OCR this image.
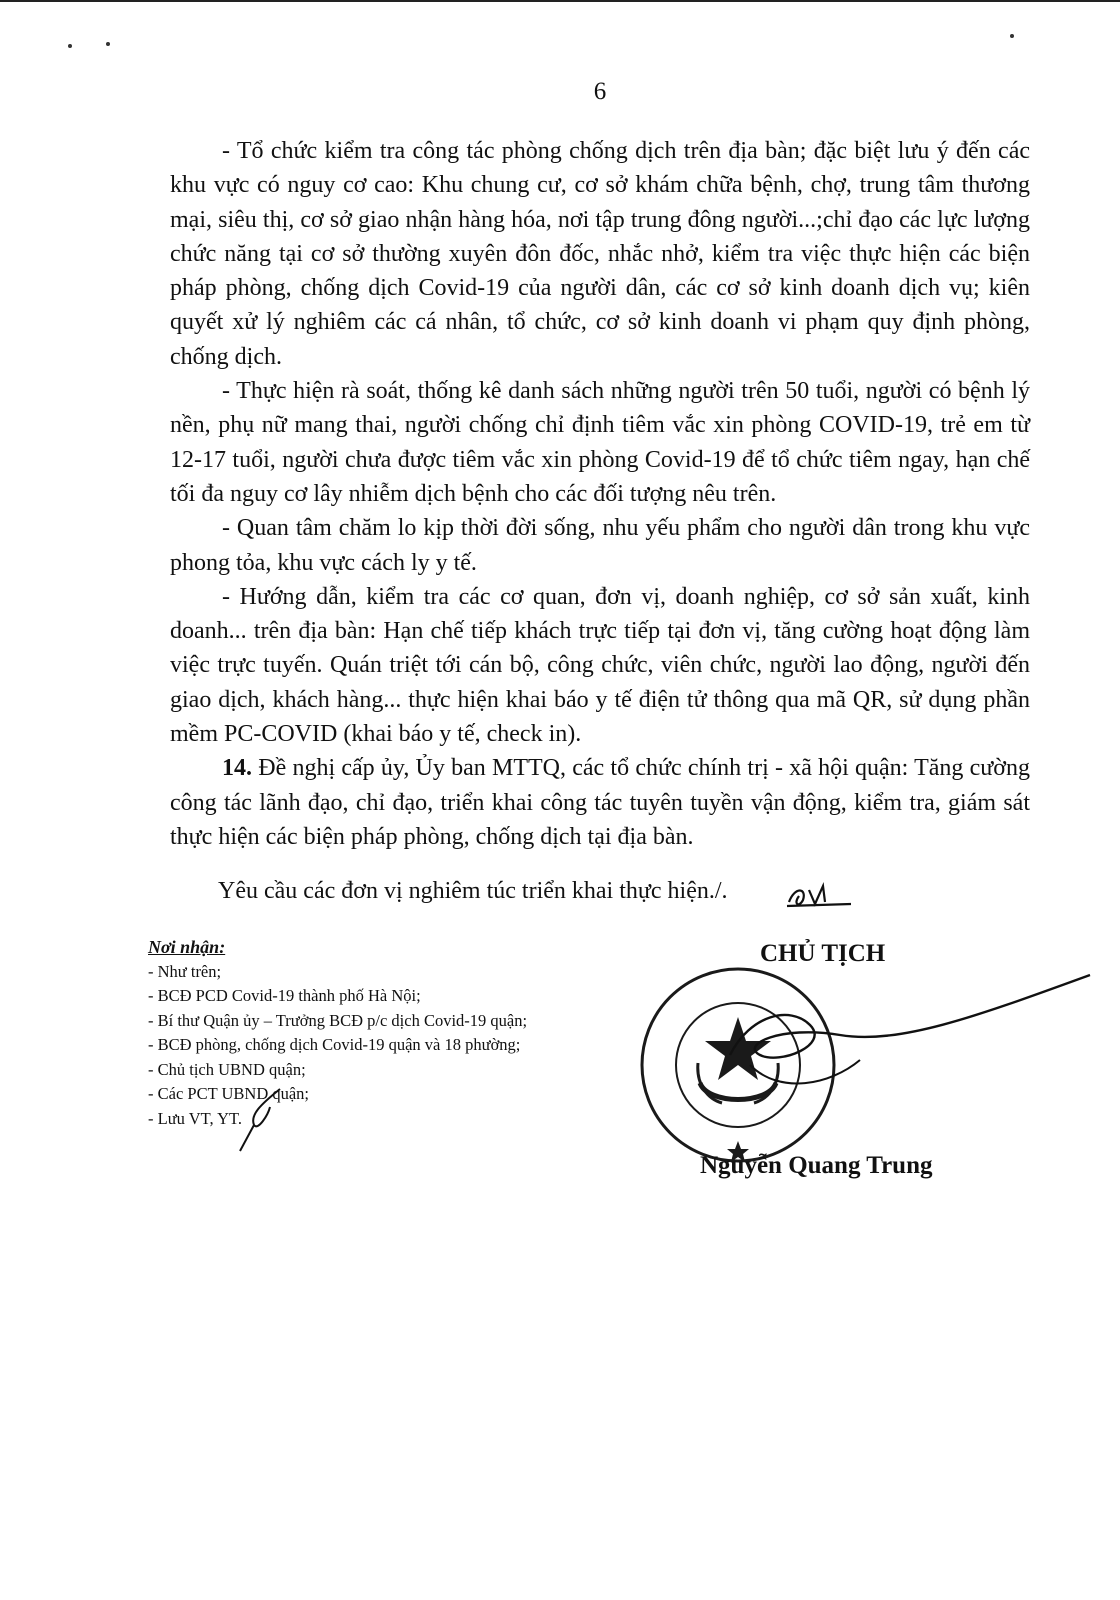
6

- Tổ chức kiểm tra công tác phòng chống dịch trên địa bàn; đặc biệt lưu ý đến các khu vực có nguy cơ cao: Khu chung cư, cơ sở khám chữa bệnh, chợ, trung tâm thương mại, siêu thị, cơ sở giao nhận hàng hóa, nơi tập trung đông người...;chỉ đạo các lực lượng chức năng tại cơ sở thường xuyên đôn đốc, nhắc nhở, kiểm tra việc thực hiện các biện pháp phòng, chống dịch Covid-19 của người dân, các cơ sở kinh doanh dịch vụ; kiên quyết xử lý nghiêm các cá nhân, tổ chức, cơ sở kinh doanh vi phạm quy định phòng, chống dịch.

- Thực hiện rà soát, thống kê danh sách những người trên 50 tuổi, người có bệnh lý nền, phụ nữ mang thai, người chống chỉ định tiêm vắc xin phòng COVID-19, trẻ em từ 12-17 tuổi, người chưa được tiêm vắc xin phòng Covid-19 để tổ chức tiêm ngay, hạn chế tối đa nguy cơ lây nhiễm dịch bệnh cho các đối tượng nêu trên.

- Quan tâm chăm lo kịp thời đời sống, nhu yếu phẩm cho người dân trong khu vực phong tỏa, khu vực cách ly y tế.

- Hướng dẫn, kiểm tra các cơ quan, đơn vị, doanh nghiệp, cơ sở sản xuất, kinh doanh... trên địa bàn: Hạn chế tiếp khách trực tiếp tại đơn vị, tăng cường hoạt động làm việc trực tuyến. Quán triệt tới cán bộ, công chức, viên chức, người lao động, người đến giao dịch, khách hàng... thực hiện khai báo y tế điện tử thông qua mã QR, sử dụng phần mềm PC-COVID (khai báo y tế, check in).

14. Đề nghị cấp ủy, Ủy ban MTTQ, các tổ chức chính trị - xã hội quận: Tăng cường công tác lãnh đạo, chỉ đạo, triển khai công tác tuyên tuyền vận động, kiểm tra, giám sát thực hiện các biện pháp phòng, chống dịch tại địa bàn.

Yêu cầu các đơn vị nghiêm túc triển khai thực hiện./.
Nơi nhận:
- Như trên;
- BCĐ PCD Covid-19 thành phố Hà Nội;
- Bí thư Quận ủy – Trưởng BCĐ p/c dịch Covid-19 quận;
- BCĐ phòng, chống dịch Covid-19 quận và 18 phường;
- Chủ tịch UBND quận;
- Các PCT UBND quận;
- Lưu VT, YT.
CHỦ TỊCH
Nguyễn Quang Trung
